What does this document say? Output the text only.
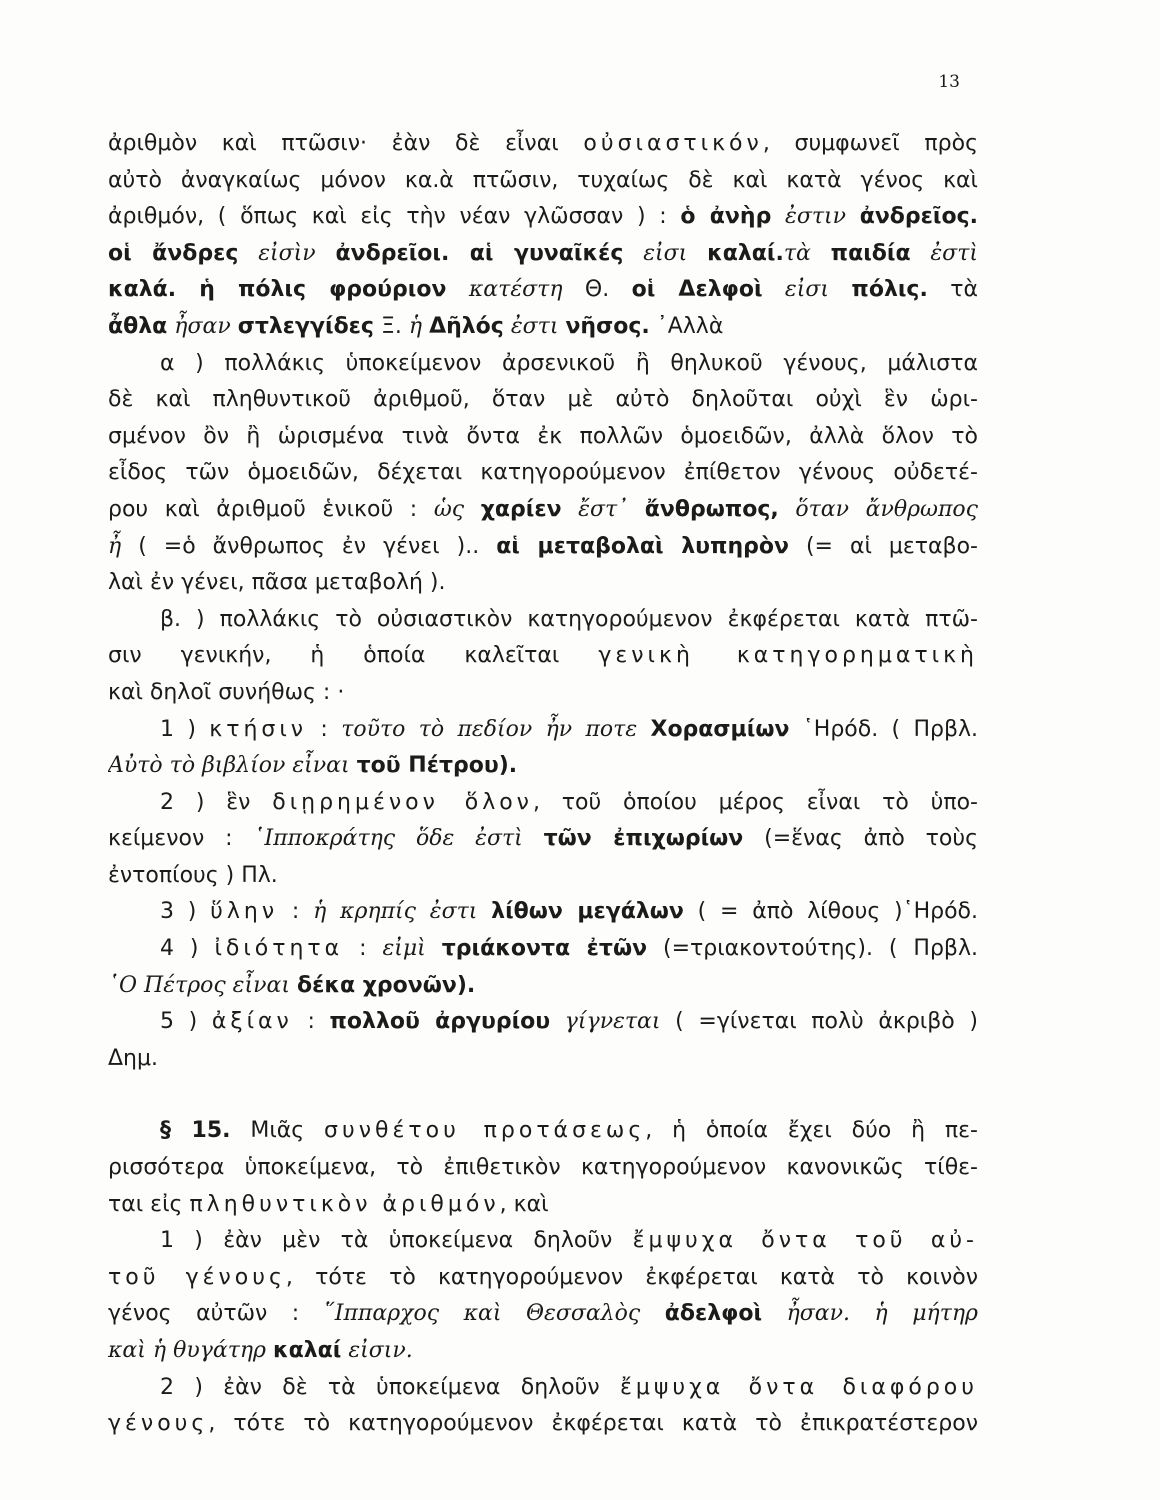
13
ἀριθμὸν καὶ πτῶσιν· ἐὰν δὲ εἶναι οὐσιαστικόν, συμφωνεῖ πρὸς
αὐτὸ ἀναγκαίως μόνον κα.ὰ πτῶσιν, τυχαίως δὲ καὶ κατὰ γένος καὶ
ἀριθμόν, ( ὅπως καὶ εἰς τὴν νέαν γλῶσσαν ) : ὁ ἀνὴρ ἐστιν ἀνδρεῖος.
οἱ ἄνδρες εἰσὶν ἀνδρεῖοι. αἱ γυναῖκές εἰσι καλαί.τὰ παιδία ἐστὶ
καλά. ἡ πόλις φρούριον κατέστη Θ. οἱ Δελφοὶ εἰσι πόλις. τὰ
ἆθλα ἦσαν στλεγγίδες Ξ. ἡ Δῆλός ἐστι νῆσος. ᾿Αλλὰ
α ) πολλάκις ὑποκείμενον ἀρσενικοῦ ἢ θηλυκοῦ γένους, μάλιστα
δὲ καὶ πληθυντικοῦ ἀριθμοῦ, ὅταν μὲ αὐτὸ δηλοῦται οὐχὶ ἓν ὡρι-
σμένον ὂν ἢ ὡρισμένα τινὰ ὄντα ἐκ πολλῶν ὁμοειδῶν, ἀλλὰ ὅλον τὸ
εἶδος τῶν ὁμοειδῶν, δέχεται κατηγορούμενον ἐπίθετον γένους οὐδετέ-
ρου καὶ ἀριθμοῦ ἑνικοῦ : ὡς χαρίεν ἔστ᾿ ἄνθρωπος, ὅταν ἄνθρωπος
ἦ ( =ὁ ἄνθρωπος ἐν γένει ).. αἱ μεταβολαὶ λυπηρὸν (= αἱ μεταβο-
λαὶ ἐν γένει, πᾶσα μεταβολή ).
β. ) πολλάκις τὸ οὐσιαστικὸν κατηγορούμενον ἐκφέρεται κατὰ πτῶ-
σιν γενικήν, ἡ ὁποία καλεῖται γενικὴ κατηγορηματικὴ
καὶ δηλοῖ συνήθως : ·
1 ) κτήσιν : τοῦτο τὸ πεδίον ἦν ποτε Χορασμίων ῾Ηρόδ. ( Πρβλ.
Αὐτὸ τὸ βιβλίον εἶναι τοῦ Πέτρου).
2 ) ἓν διῃρημένον ὅλον, τοῦ ὁποίου μέρος εἶναι τὸ ὑπο-
κείμενον : ῾Ιπποκράτης ὅδε ἐστὶ τῶν ἐπιχωρίων (=ἕνας ἀπὸ τοὺς
ἐντοπίους ) Πλ.
3 ) ὕλην : ἡ κρηπίς ἐστι λίθων μεγάλων ( = ἀπὸ λίθους )῾Ηρόδ.
4 ) ἰδιότητα : εἰμὶ τριάκοντα ἐτῶν (=τριακοντούτης). ( Πρβλ.
῾Ο Πέτρος εἶναι δέκα χρονῶν).
5 ) ἀξίαν : πολλοῦ ἀργυρίου γίγνεται ( =γίνεται πολὺ ἀκριβὸ )
Δημ.
§ 15. Μιᾶς συνθέτου προτάσεως, ἡ ὁποία ἔχει δύο ἢ πε-
ρισσότερα ὑποκείμενα, τὸ ἐπιθετικὸν κατηγορούμενον κανονικῶς τίθε-
ται εἰς πληθυντικὸν ἀριθμόν, καὶ
1 ) ἐὰν μὲν τὰ ὑποκείμενα δηλοῦν ἔμψυχα ὄντα τοῦ αὐ-
τοῦ γένους, τότε τὸ κατηγορούμενον ἐκφέρεται κατὰ τὸ κοινὸν
γένος αὐτῶν : ῞Ιππαρχος καὶ Θεσσαλὸς ἀδελφοὶ ἦσαν. ἡ μήτηρ
καὶ ἡ θυγάτηρ καλαί εἰσιν.
2 ) ἐὰν δὲ τὰ ὑποκείμενα δηλοῦν ἔμψυχα ὄντα διαφόρου
γένους, τότε τὸ κατηγορούμενον ἐκφέρεται κατὰ τὸ ἐπικρατέστερον
